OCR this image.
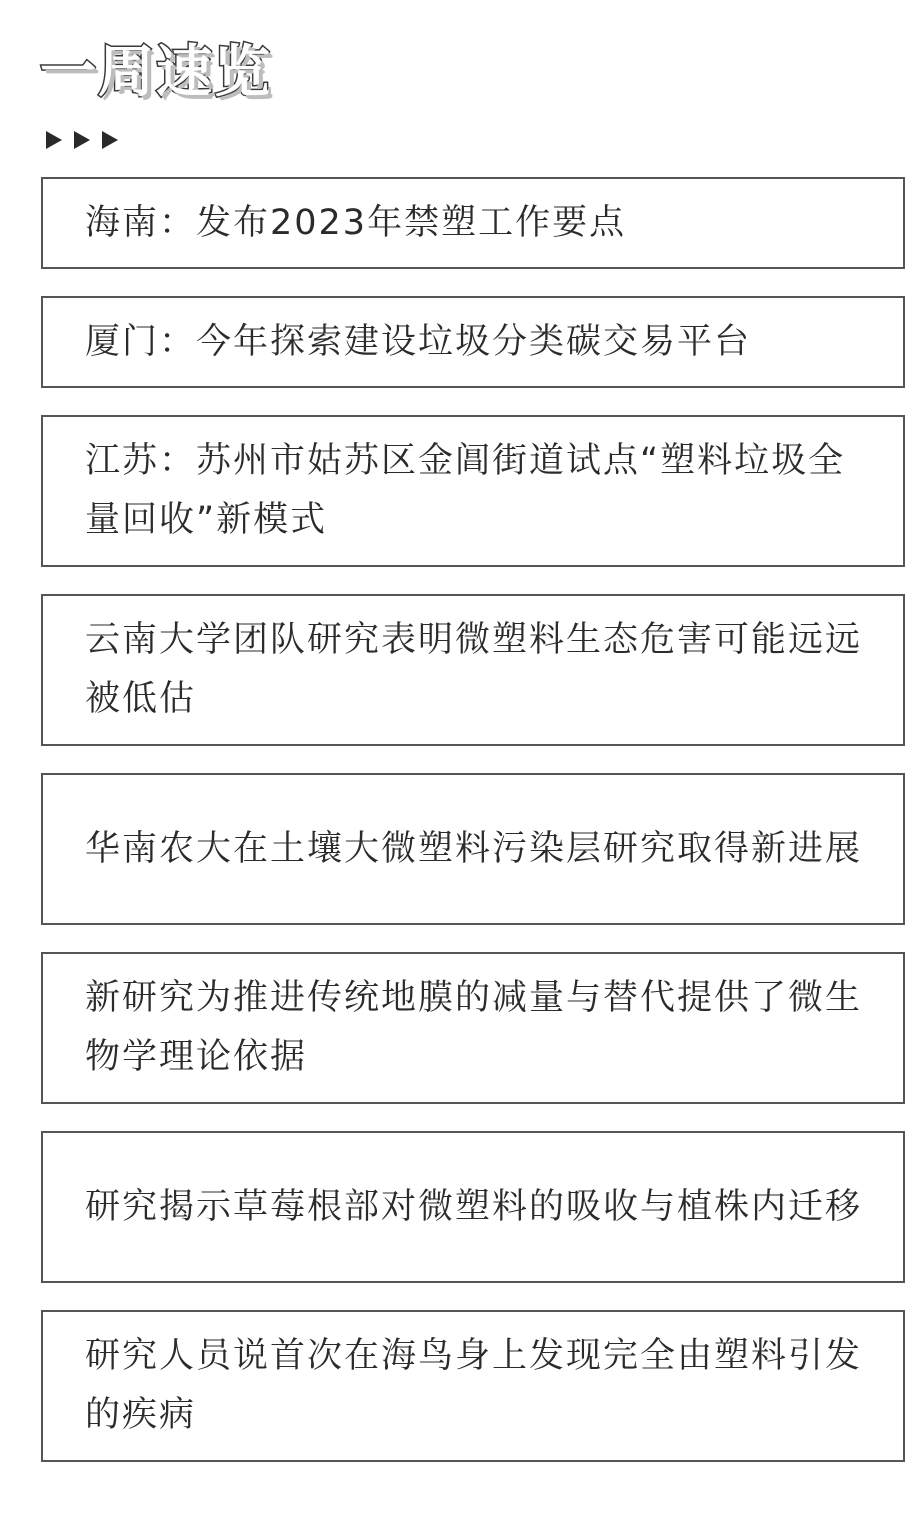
一周速览

海南：发布2023年禁塑工作要点

厦门：今年探索建设垃圾分类碳交易平台

江苏：苏州市姑苏区金阊街道试点“塑料垃圾全量回收”新模式

云南大学团队研究表明微塑料生态危害可能远远被低估

华南农大在土壤大微塑料污染层研究取得新进展

新研究为推进传统地膜的减量与替代提供了微生物学理论依据

研究揭示草莓根部对微塑料的吸收与植株内迁移

研究人员说首次在海鸟身上发现完全由塑料引发的疾病
